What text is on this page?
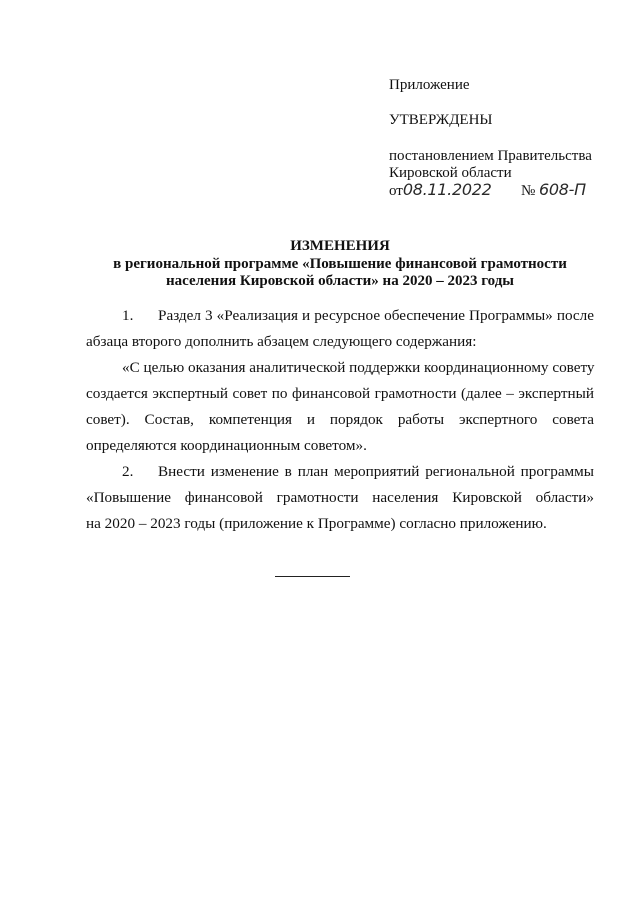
Приложение
УТВЕРЖДЕНЫ
постановлением Правительства
Кировской области
от08.11.2022 № 608-П
ИЗМЕНЕНИЯ
в региональной программе «Повышение финансовой грамотности
населения Кировской области» на 2020 – 2023 годы
1. Раздел 3 «Реализация и ресурсное обеспечение Программы» после
абзаца второго дополнить абзацем следующего содержания:
«С целью оказания аналитической поддержки координационному совету
создается экспертный совет по финансовой грамотности (далее – экспертный
совет). Состав, компетенция и порядок работы экспертного совета
определяются координационным советом».
2. Внести изменение в план мероприятий региональной программы
«Повышение финансовой грамотности населения Кировской области»
на 2020 – 2023 годы (приложение к Программе) согласно приложению.
